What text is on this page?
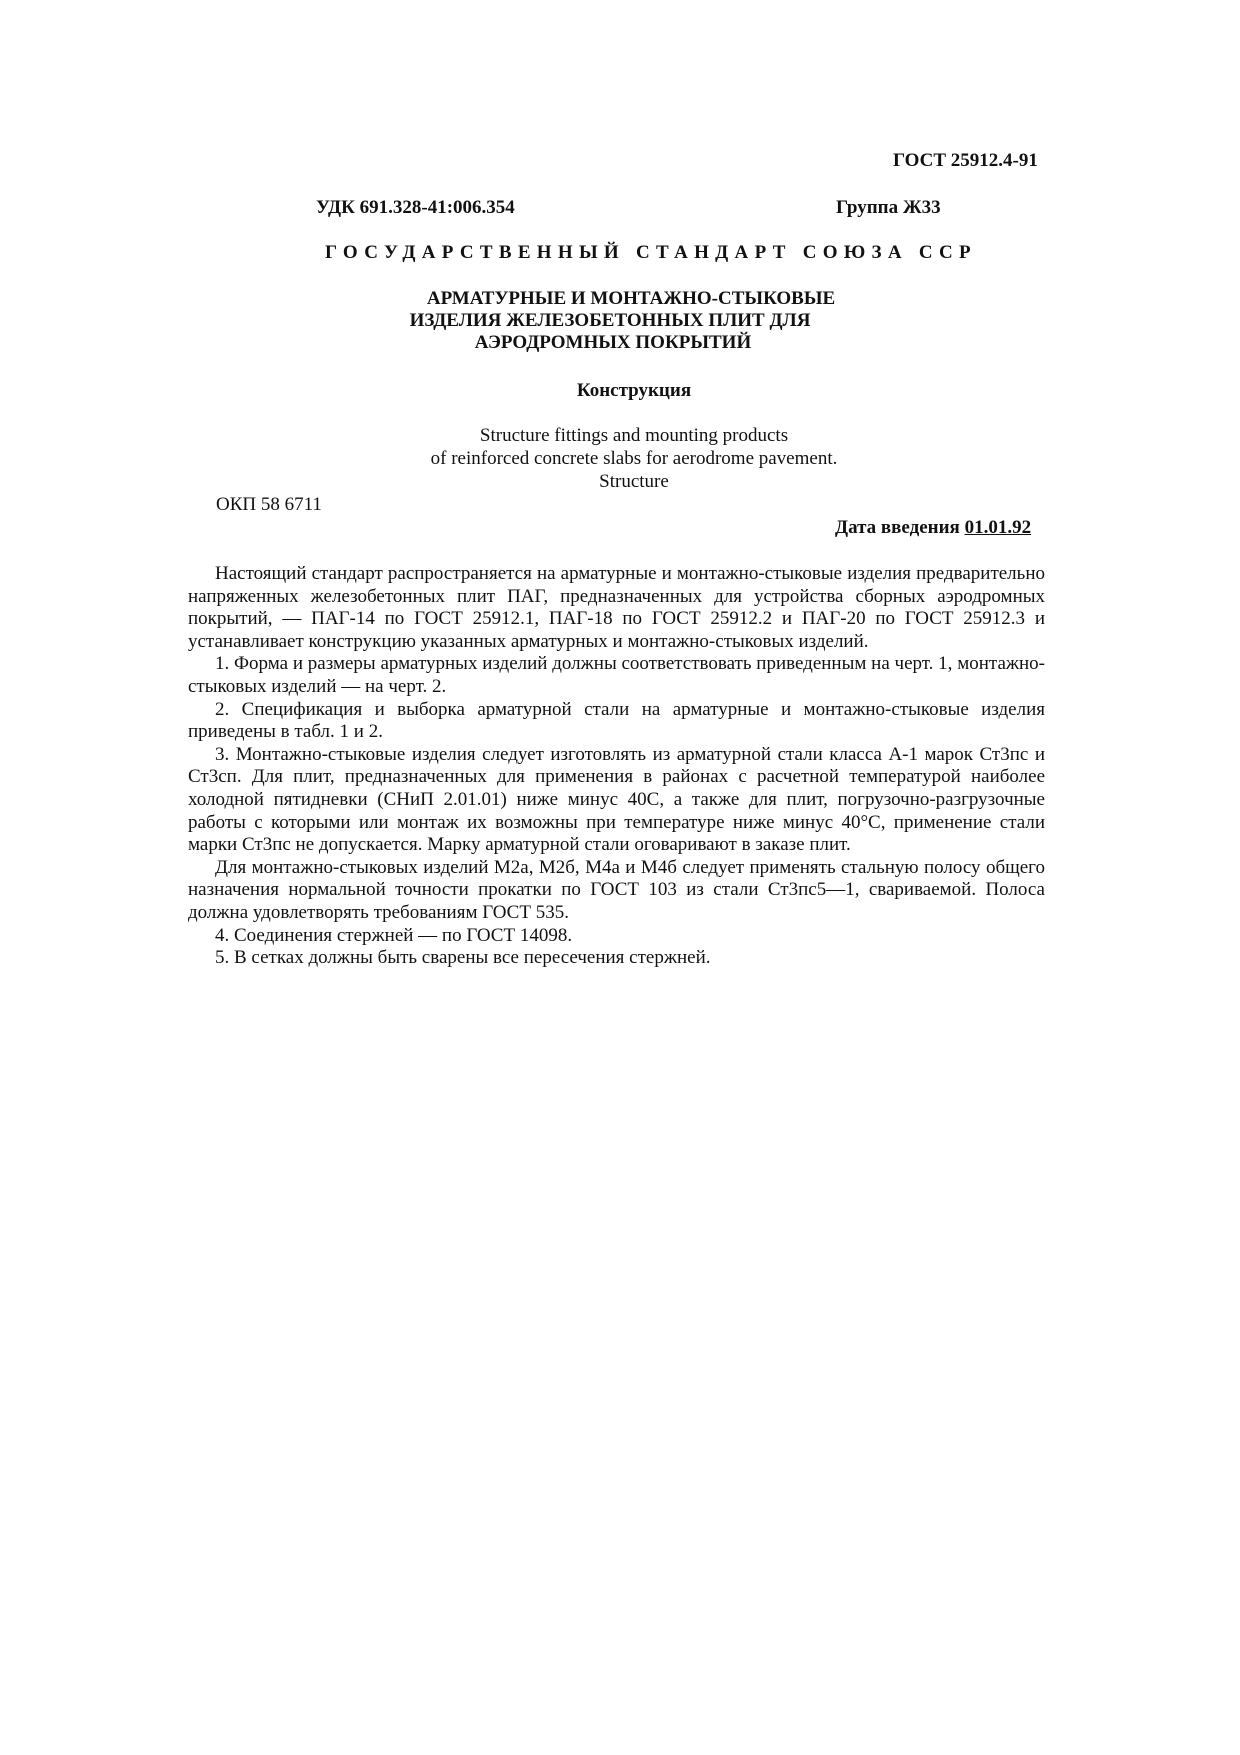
ГОСТ 25912.4-91
УДК 691.328-41:006.354	Группа Ж33
ГОСУДАРСТВЕННЫЙ СТАНДАРТ СОЮЗА ССР
АРМАТУРНЫЕ И МОНТАЖНО-СТЫКОВЫЕ
ИЗДЕЛИЯ ЖЕЛЕЗОБЕТОННЫХ ПЛИТ ДЛЯ
АЭРОДРОМНЫХ ПОКРЫТИЙ
Конструкция
Structure fittings and mounting products
of reinforced concrete slabs for aerodrome pavement.
Structure
ОКП 58 6711
Дата введения 01.01.92

Настоящий стандарт распространяется на арматурные и монтажно-стыковые изделия предварительно напряженных железобетонных плит ПАГ, предназначенных для устройства сборных аэродромных покрытий, — ПАГ-14 по ГОСТ 25912.1, ПАГ-18 по ГОСТ 25912.2 и ПАГ-20 по ГОСТ 25912.3 и устанавливает конструкцию указанных арматурных и монтажно-стыковых изделий.

1. Форма и размеры арматурных изделий должны соответствовать приведенным на черт. 1, монтажно-стыковых изделий — на черт. 2.

2. Спецификация и выборка арматурной стали на арматурные и монтажно-стыковые изделия приведены в табл. 1 и 2.

3. Монтажно-стыковые изделия следует изготовлять из арматурной стали класса А-1 марок Ст3пс и Ст3сп. Для плит, предназначенных для применения в районах с расчетной температурой наиболее холодной пятидневки (СНиП 2.01.01) ниже минус 40С, а также для плит, погрузочно-разгрузочные работы с которыми или монтаж их возможны при температуре ниже минус 40°С, применение стали марки Ст3пс не допускается. Марку арматурной стали оговаривают в заказе плит.

Для монтажно-стыковых изделий М2а, М2б, М4а и М4б следует применять стальную полосу общего назначения нормальной точности прокатки по ГОСТ 103 из стали Ст3пс5—1, свариваемой. Полоса должна удовлетворять требованиям ГОСТ 535.

4. Соединения стержней — по ГОСТ 14098.

5. В сетках должны быть сварены все пересечения стержней.
